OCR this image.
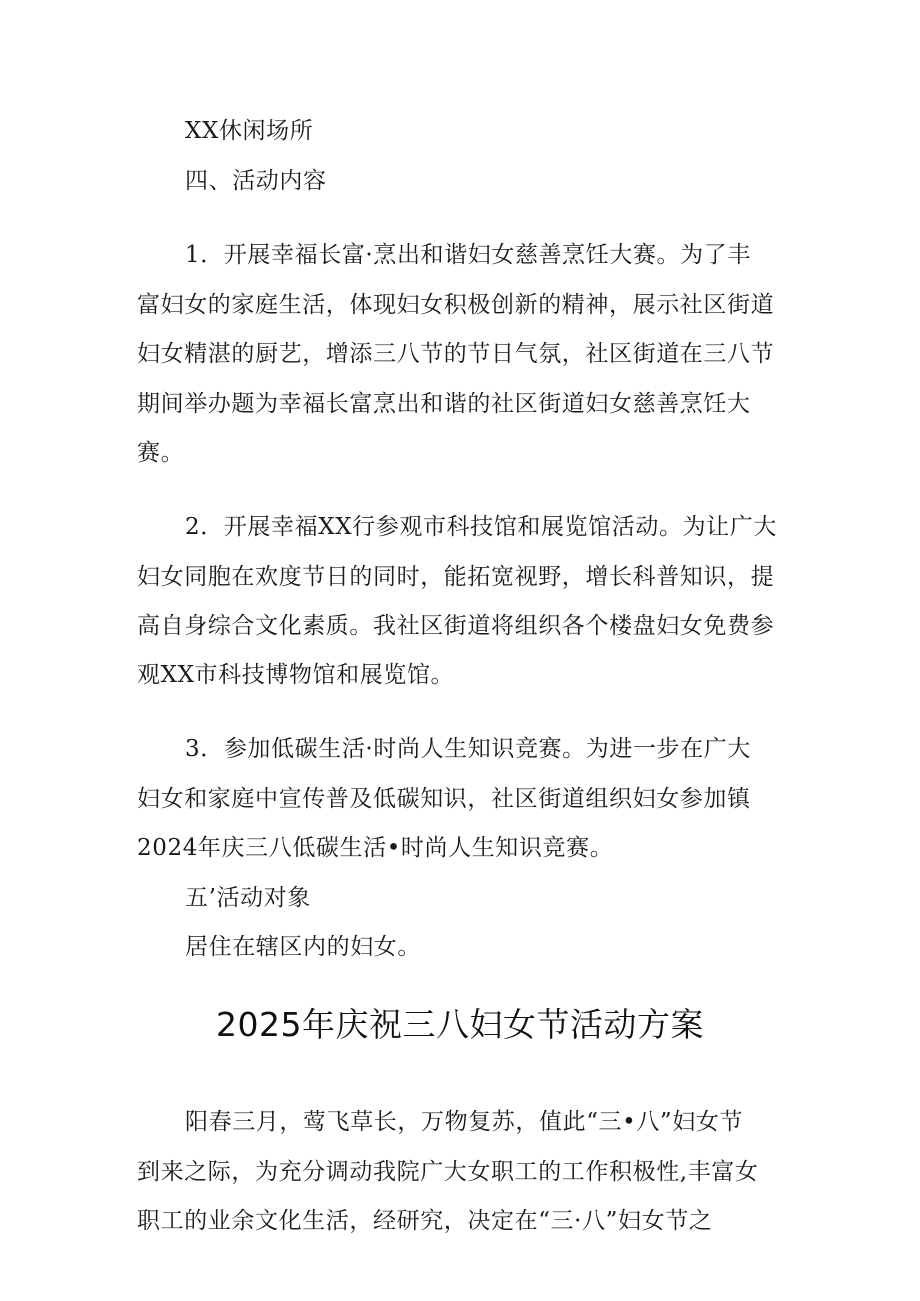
XX休闲场所
四、活动内容
1．开展幸福长富·烹出和谐妇女慈善烹饪大赛。为了丰
富妇女的家庭生活，体现妇女积极创新的精神，展示社区街道
妇女精湛的厨艺，增添三八节的节日气氛，社区街道在三八节
期间举办题为幸福长富烹出和谐的社区街道妇女慈善烹饪大
赛。
2．开展幸福XX行参观市科技馆和展览馆活动。为让广大
妇女同胞在欢度节日的同时，能拓宽视野，增长科普知识，提
高自身综合文化素质。我社区街道将组织各个楼盘妇女免费参
观XX市科技博物馆和展览馆。
3．参加低碳生活·时尚人生知识竞赛。为进一步在广大
妇女和家庭中宣传普及低碳知识，社区街道组织妇女参加镇
2024年庆三八低碳生活•时尚人生知识竞赛。
五’活动对象
居住在辖区内的妇女。
2025年庆祝三八妇女节活动方案
阳春三月，莺飞草长，万物复苏，值此“三•八”妇女节
到来之际，为充分调动我院广大女职工的工作积极性,丰富女
职工的业余文化生活，经研究，决定在“三·八”妇女节之
